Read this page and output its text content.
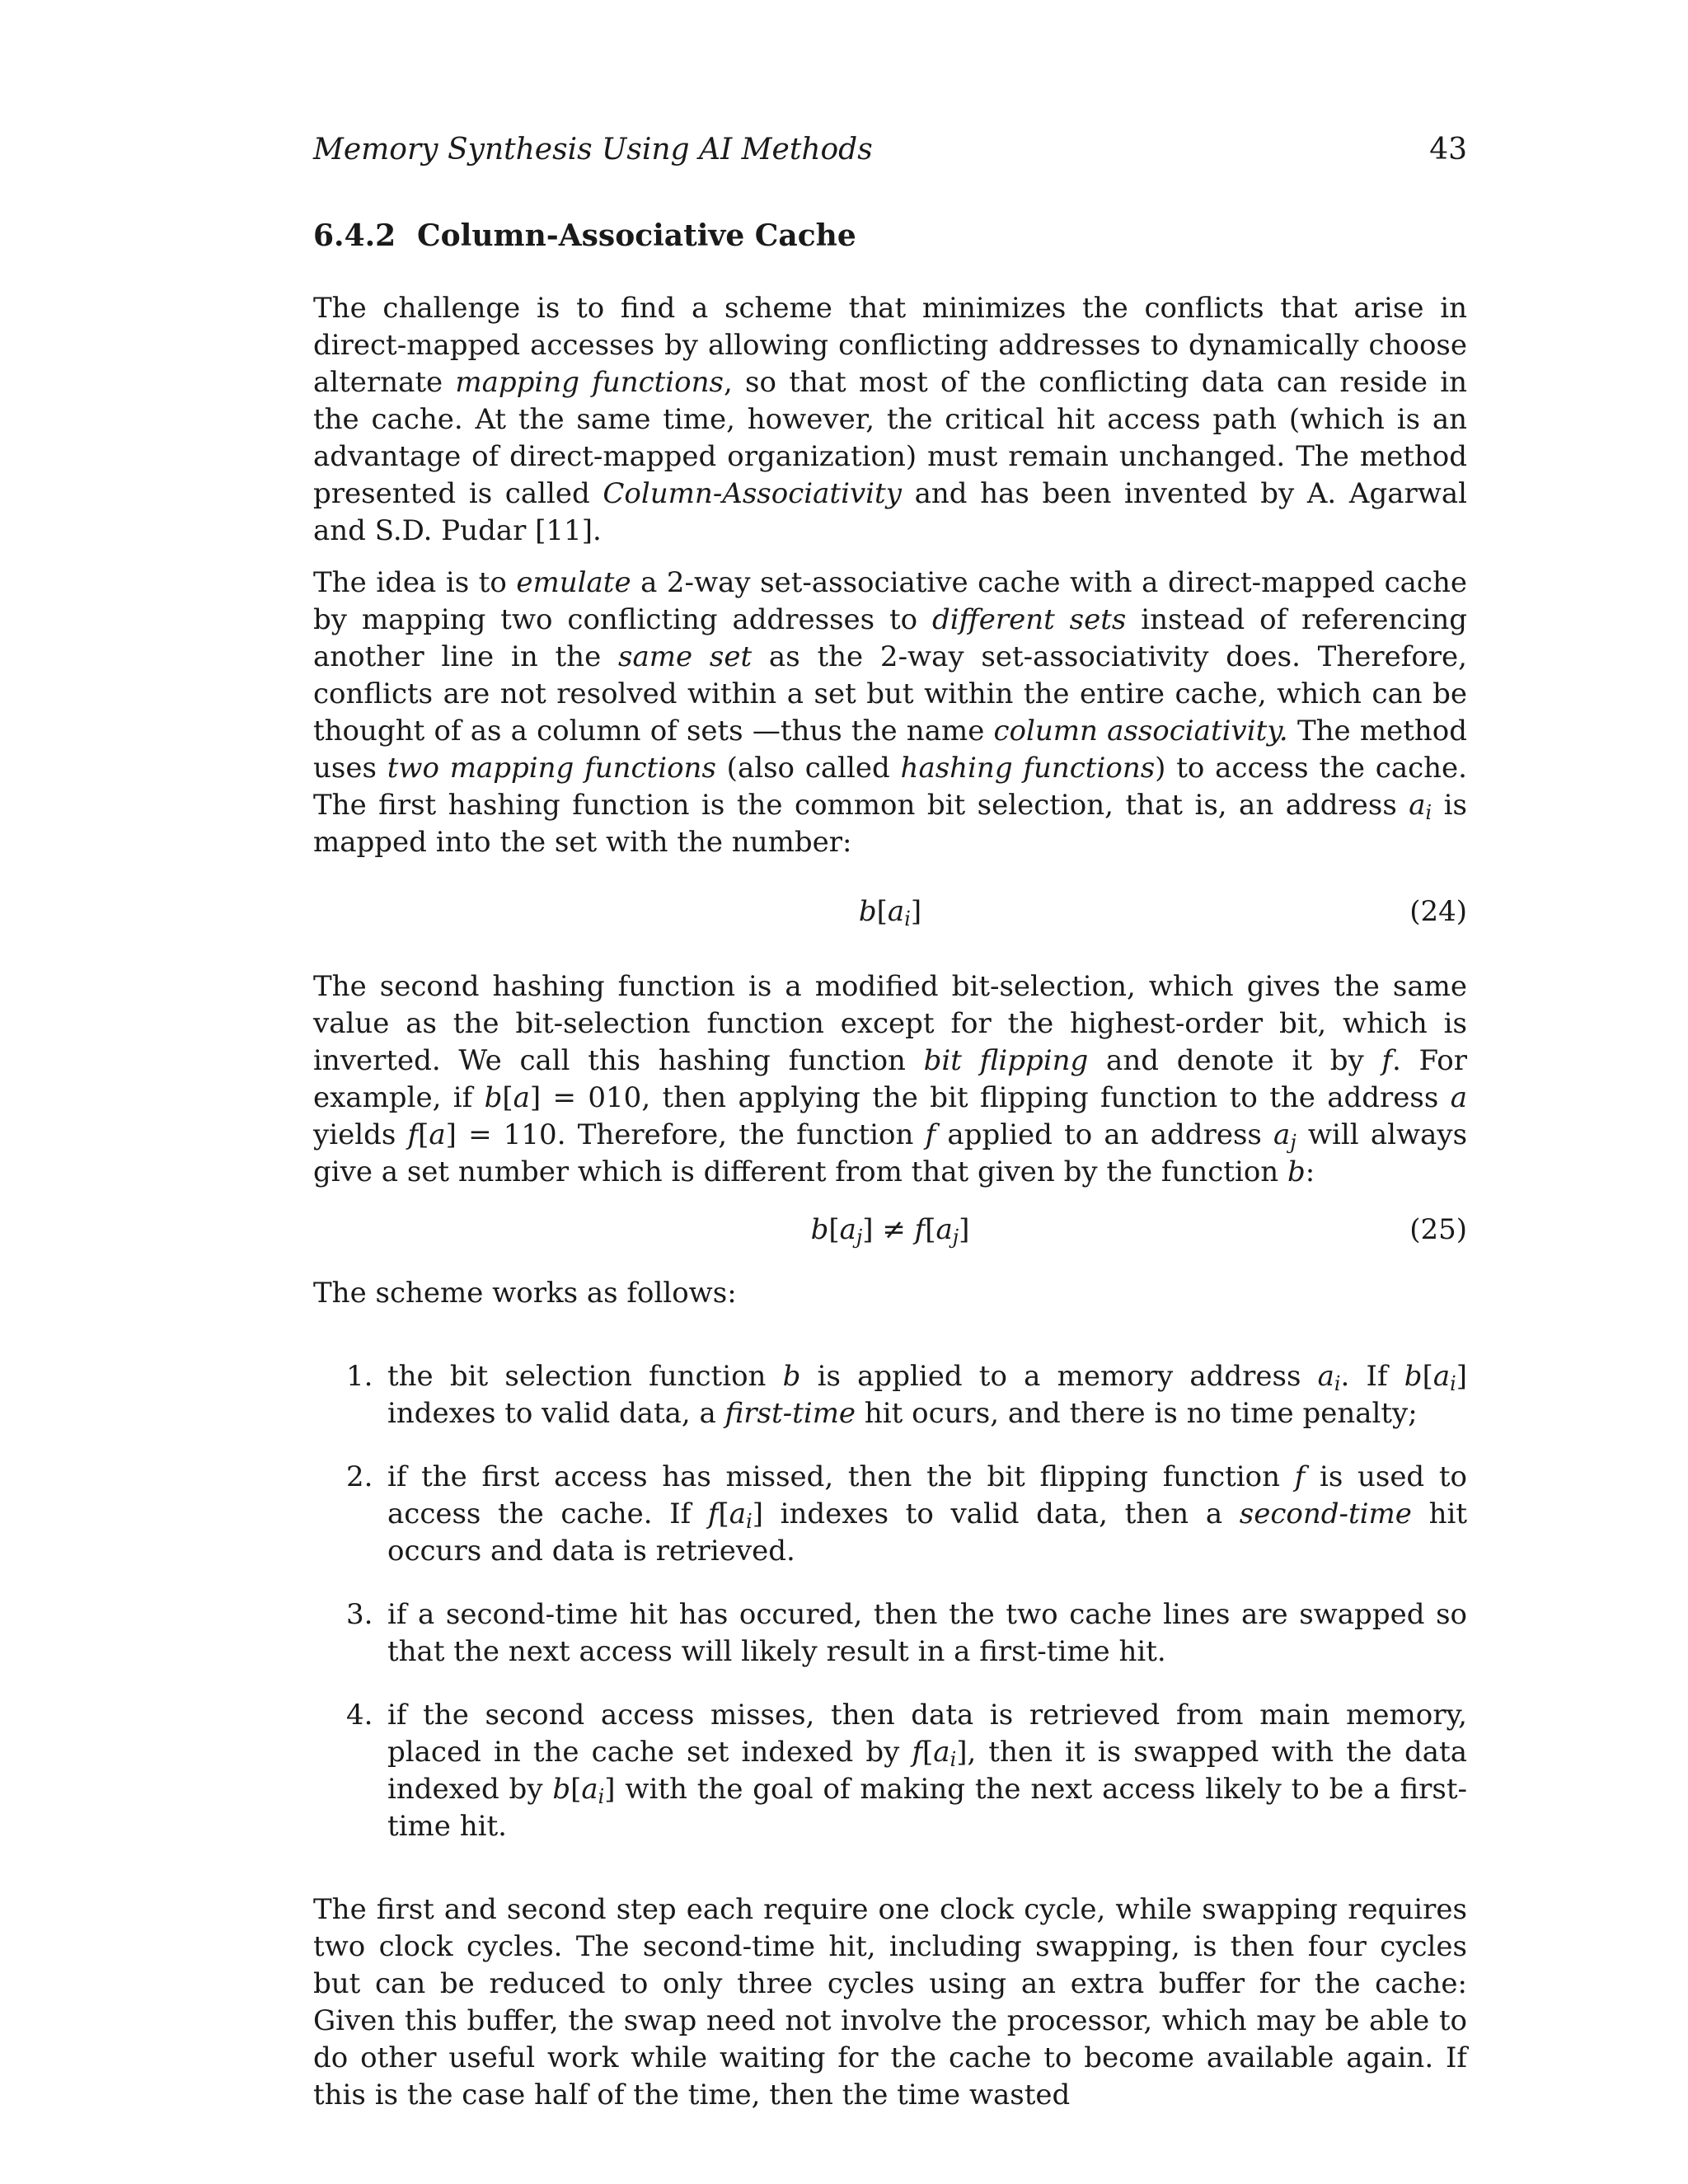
Memory Synthesis Using AI Methods	43
6.4.2 Column-Associative Cache

The challenge is to find a scheme that minimizes the conflicts that arise in direct-mapped accesses by allowing conflicting addresses to dynamically choose alternate mapping functions, so that most of the conflicting data can reside in the cache. At the same time, however, the critical hit access path (which is an advantage of direct-mapped organization) must remain unchanged. The method presented is called Column-Associativity and has been invented by A. Agarwal and S.D. Pudar [11].

The idea is to emulate a 2-way set-associative cache with a direct-mapped cache by mapping two conflicting addresses to different sets instead of referencing another line in the same set as the 2-way set-associativity does. Therefore, conflicts are not resolved within a set but within the entire cache, which can be thought of as a column of sets —thus the name column associativity. The method uses two mapping functions (also called hashing functions) to access the cache. The first hashing function is the common bit selection, that is, an address $a_i$ is mapped into the set with the number:

$b[a_i]$	(24)

The second hashing function is a modified bit-selection, which gives the same value as the bit-selection function except for the highest-order bit, which is inverted. We call this hashing function bit flipping and denote it by f. For example, if b[a] = 010, then applying the bit flipping function to the address a yields f[a] = 110. Therefore, the function f applied to an address $a_j$ will always give a set number which is different from that given by the function b:

$b[a_j] \ne f[a_j]$	(25)

The scheme works as follows:

1. the bit selection function b is applied to a memory address $a_i$. If $b[a_i]$ indexes to valid data, a first-time hit ocurs, and there is no time penalty;
2. if the first access has missed, then the bit flipping function f is used to access the cache. If $f[a_i]$ indexes to valid data, then a second-time hit occurs and data is retrieved.
3. if a second-time hit has occured, then the two cache lines are swapped so that the next access will likely result in a first-time hit.
4. if the second access misses, then data is retrieved from main memory, placed in the cache set indexed by $f[a_i]$, then it is swapped with the data indexed by $b[a_i]$ with the goal of making the next access likely to be a first-time hit.

The first and second step each require one clock cycle, while swapping requires two clock cycles. The second-time hit, including swapping, is then four cycles but can be reduced to only three cycles using an extra buffer for the cache: Given this buffer, the swap need not involve the processor, which may be able to do other useful work while waiting for the cache to become available again. If this is the case half of the time, then the time wasted
